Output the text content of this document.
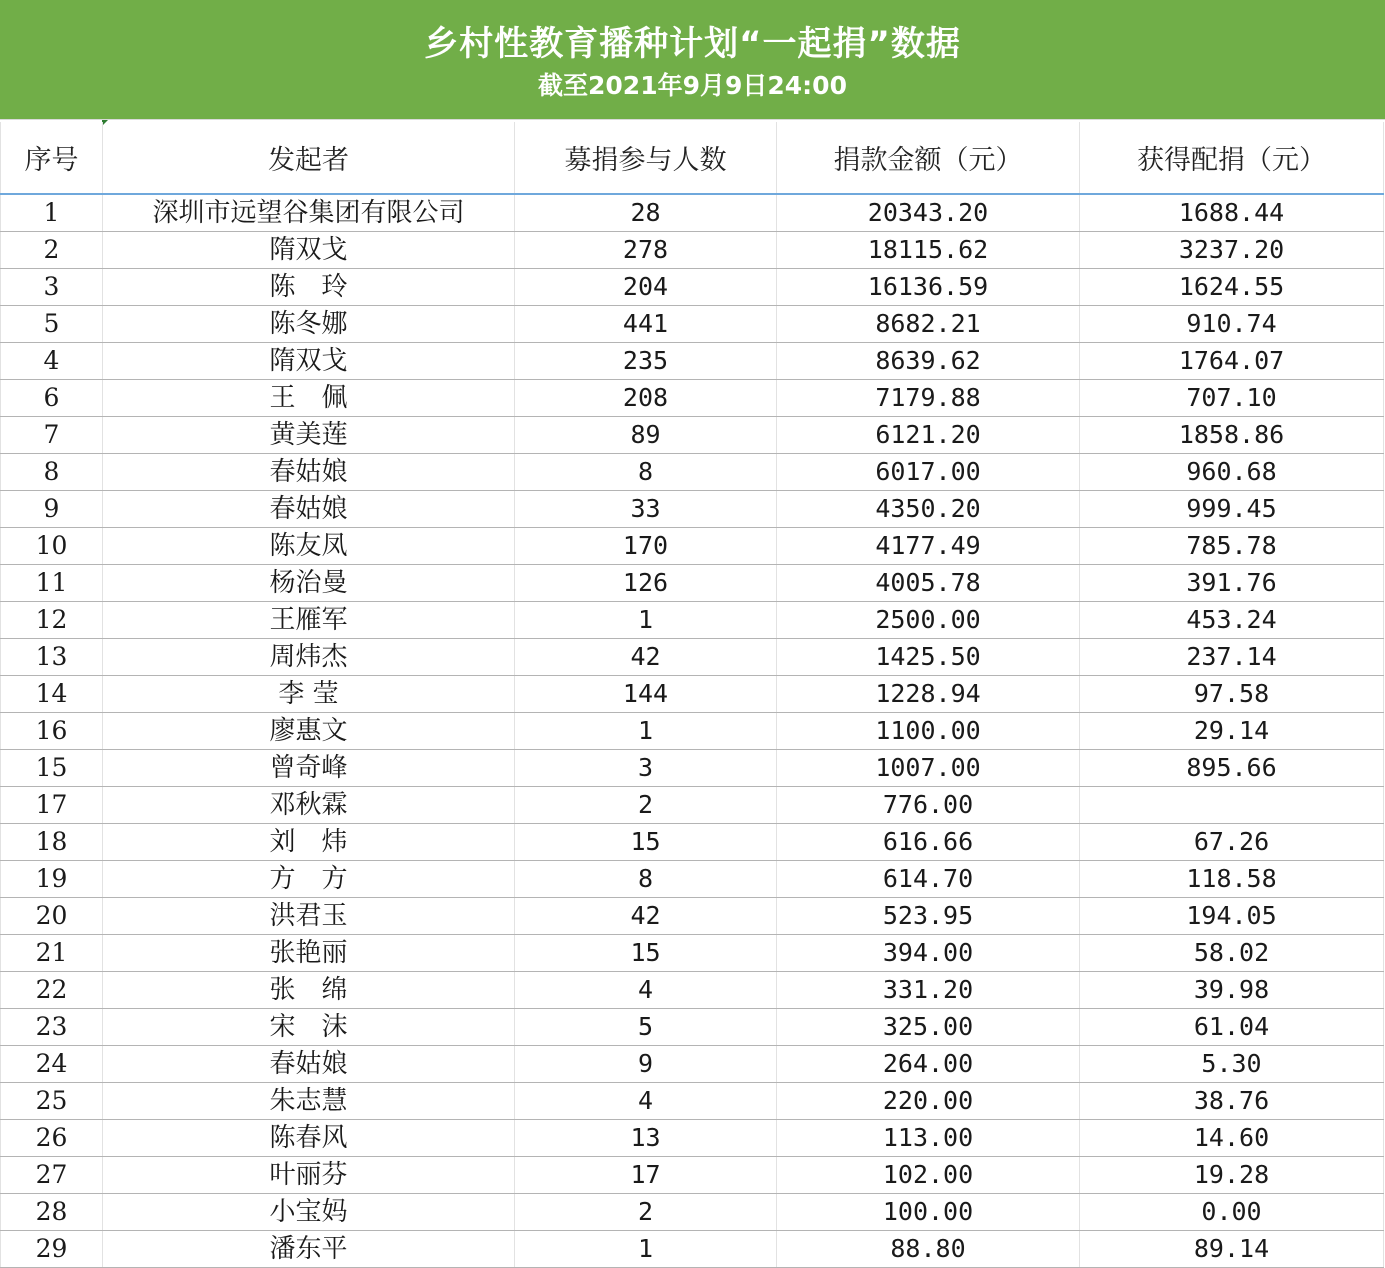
乡村性教育播种计划“一起捐”数据
截至2021年9月9日24:00
序号	发起者	募捐参与人数	捐款金额（元）	获得配捐（元）
1	深圳市远望谷集团有限公司	28	20343.20	1688.44
2	隋双戈	278	18115.62	3237.20
3	陈　玲	204	16136.59	1624.55
5	陈冬娜	441	8682.21	910.74
4	隋双戈	235	8639.62	1764.07
6	王　佩	208	7179.88	707.10
7	黄美莲	89	6121.20	1858.86
8	春姑娘	8	6017.00	960.68
9	春姑娘	33	4350.20	999.45
10	陈友凤	170	4177.49	785.78
11	杨治曼	126	4005.78	391.76
12	王雁军	1	2500.00	453.24
13	周炜杰	42	1425.50	237.14
14	李 莹	144	1228.94	97.58
16	廖惠文	1	1100.00	29.14
15	曾奇峰	3	1007.00	895.66
17	邓秋霖	2	776.00	
18	刘　炜	15	616.66	67.26
19	方　方	8	614.70	118.58
20	洪君玉	42	523.95	194.05
21	张艳丽	15	394.00	58.02
22	张　绵	4	331.20	39.98
23	宋　沫	5	325.00	61.04
24	春姑娘	9	264.00	5.30
25	朱志慧	4	220.00	38.76
26	陈春风	13	113.00	14.60
27	叶丽芬	17	102.00	19.28
28	小宝妈	2	100.00	0.00
29	潘东平	1	88.80	89.14
